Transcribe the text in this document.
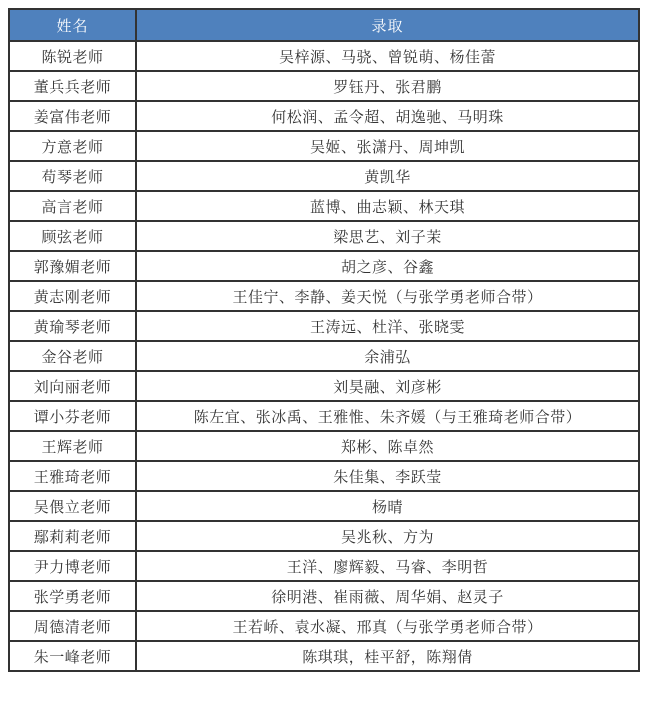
姓名	录取
陈锐老师	吴梓源、马骁、曾锐萌、杨佳蕾
董兵兵老师	罗钰丹、张君鹏
姜富伟老师	何松润、孟令超、胡逸驰、马明珠
方意老师	吴姬、张潇丹、周坤凯
苟琴老师	黄凯华
高言老师	蓝博、曲志颖、林天琪
顾弦老师	梁思艺、刘子茉
郭豫媚老师	胡之彦、谷鑫
黄志刚老师	王佳宁、李静、姜天悦（与张学勇老师合带）
黄瑜琴老师	王涛远、杜洋、张晓雯
金谷老师	余浦弘
刘向丽老师	刘昊融、刘彦彬
谭小芬老师	陈左宜、张冰禹、王雅惟、朱齐媛（与王雅琦老师合带）
王辉老师	郑彬、陈卓然
王雅琦老师	朱佳集、李跃莹
吴偎立老师	杨晴
鄢莉莉老师	吴兆秋、方为
尹力博老师	王洋、廖辉毅、马睿、李明哲
张学勇老师	徐明港、崔雨薇、周华娟、赵灵子
周德清老师	王若峤、袁水凝、邢真（与张学勇老师合带）
朱一峰老师	陈琪琪，桂平舒，陈翔倩
